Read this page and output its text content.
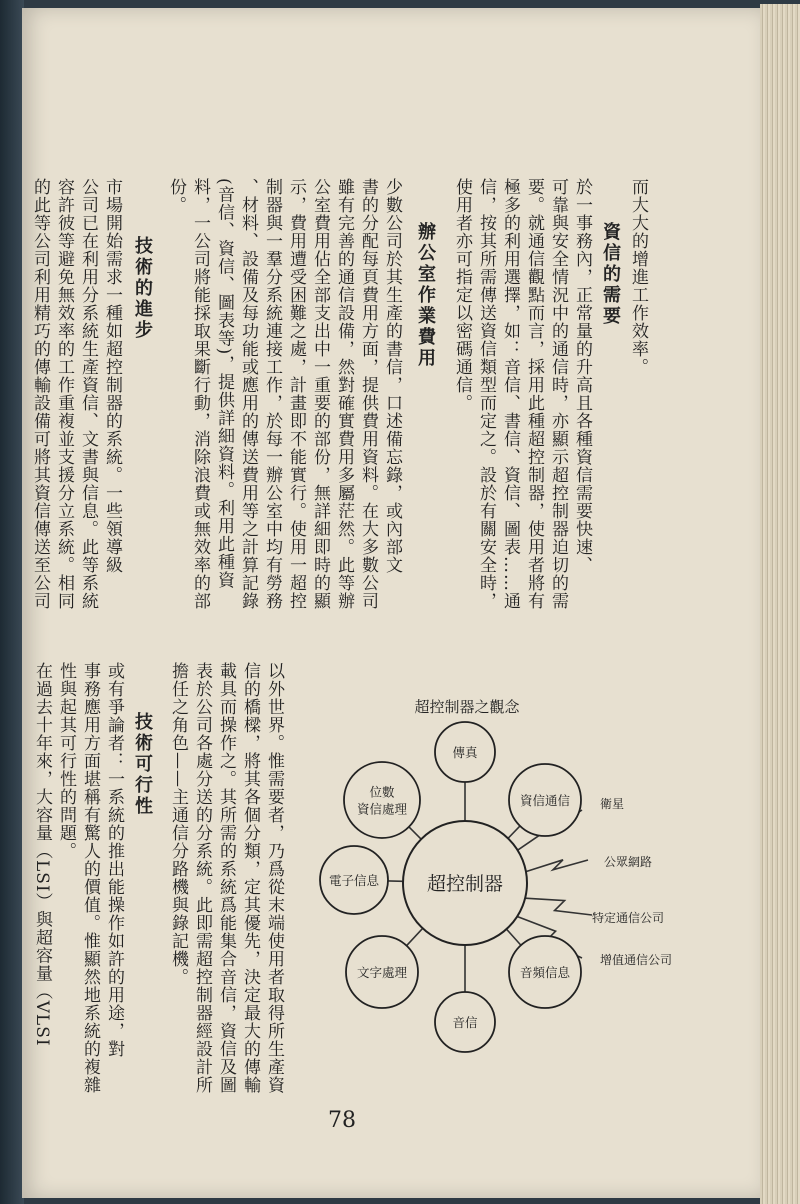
而大大的增進工作效率。
資信的需要
於一事務內，正常量的升高且各種資信需要快速、
可靠與安全情況中的通信時，亦顯示超控制器迫切的需
要。就通信觀點而言，採用此種超控制器，使用者將有
極多的利用選擇，如：音信、書信、資信、圖表……通
信，按其所需傳送資信類型而定之。設於有關安全時，
使用者亦可指定以密碼通信。
辦公室作業費用
少數公司於其生產的書信，口述備忘錄，或內部文
書的分配每頁費用方面，提供費用資料。在大多數公司
雖有完善的通信設備，然對確實費用多屬茫然。此等辦
公室費用佔全部支出中一重要的部份，無詳細即時的顯
示，費用遭受困難之處，計畫即不能實行。使用一超控
制器與一羣分系統連接工作，於每一辦公室中均有勞務
、材料、設備及每功能或應用的傳送費用等之計算記錄
(音信、資信、圖表等)，提供詳細資料。利用此種資
料，一公司將能採取果斷行動，消除浪費或無效率的部
份。
技術的進步
市場開始需求一種如超控制器的系統。一些領導級
公司已在利用分系統生產資信、文書與信息。此等系統
容許彼等避免無效率的工作重複並支援分立系統。相同
的此等公司利用精巧的傳輸設備可將其資信傳送至公司
以外世界。惟需要者，乃爲從末端使用者取得所生產資
信的橋樑，將其各個分類，定其優先，決定最大的傳輸
載具而操作之。其所需的系統爲能集合音信，資信及圖
表於公司各處分送的分系統。此即需超控制器經設計所
擔任之角色——主通信分路機與錄記機。
技術可行性
或有爭論者：一系統的推出能操作如許的用途，對
事務應用方面堪稱有驚人的價值。惟顯然地系統的複雜
性與起其可行性的問題。
在過去十年來，大容量（LSI）與超容量（VLSI	超控制器之觀念
衛星
公眾網路
特定通信公司
增值通信公司
超控制器
傳真
資信通信
音頻信息
音信
文字處理
電子信息
位數
資信處理
78
